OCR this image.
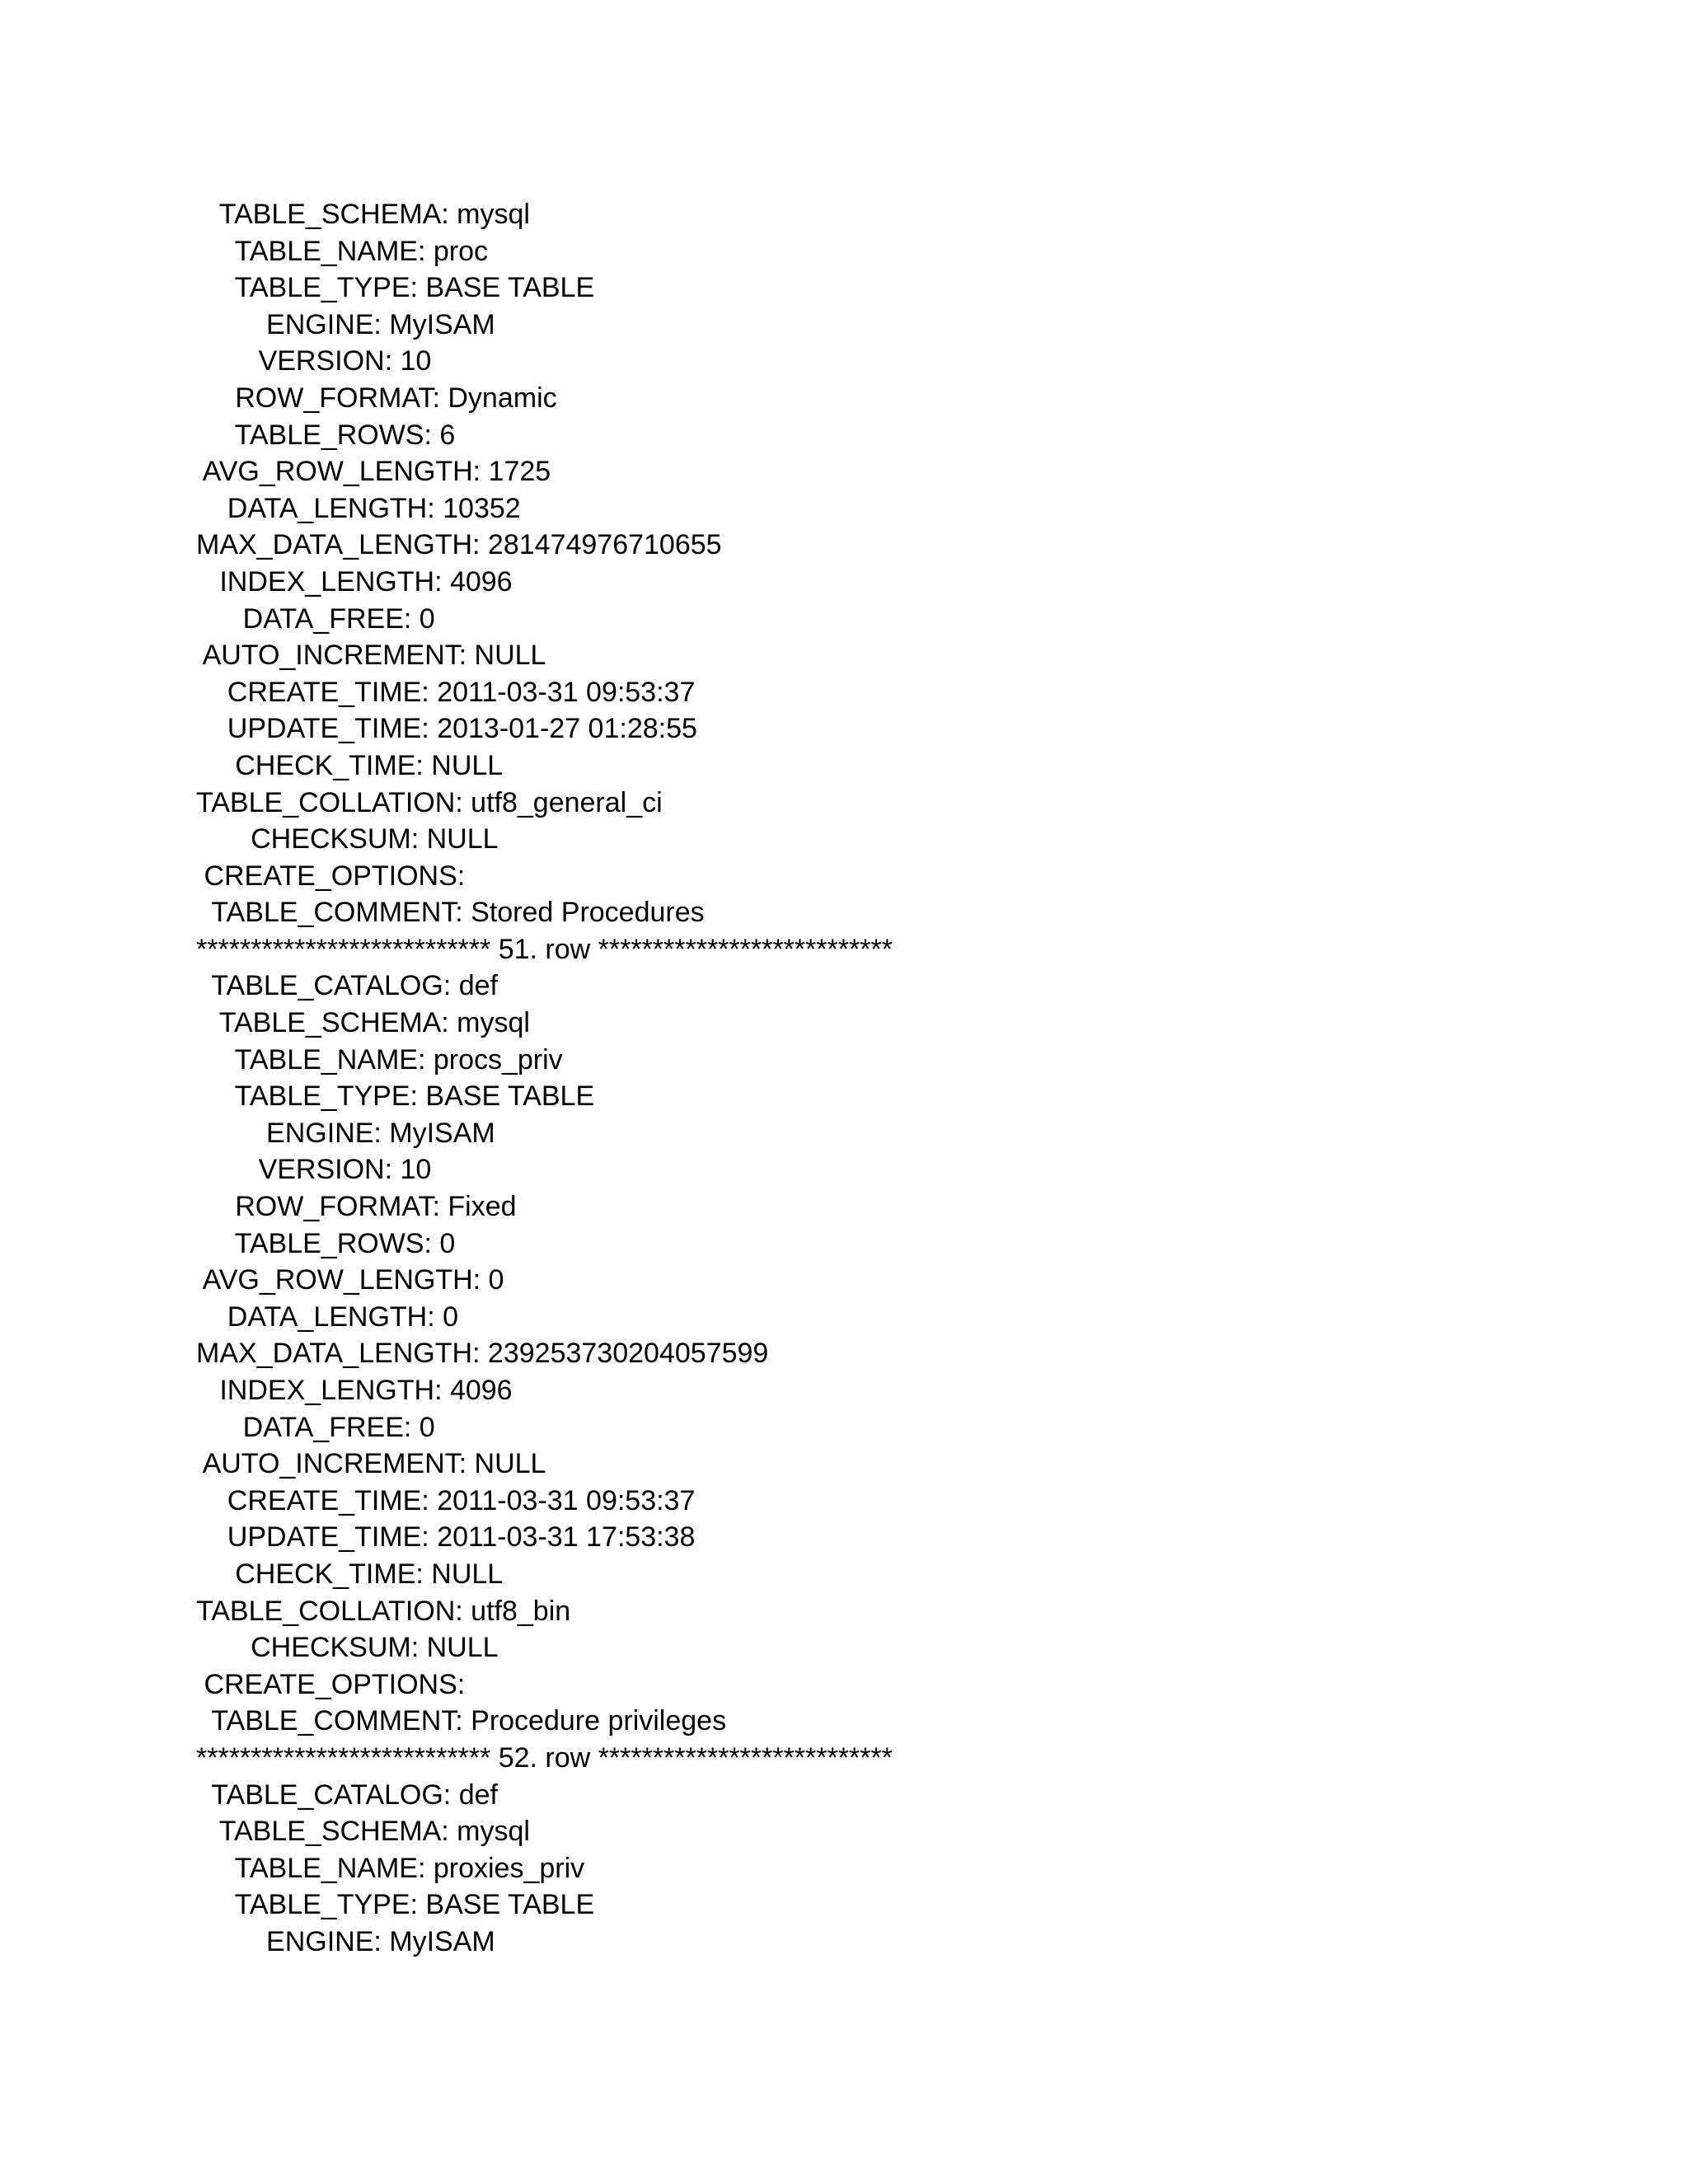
TABLE_SCHEMA: mysql
TABLE_NAME: proc
TABLE_TYPE: BASE TABLE
ENGINE: MyISAM
VERSION: 10
ROW_FORMAT: Dynamic
TABLE_ROWS: 6
AVG_ROW_LENGTH: 1725
DATA_LENGTH: 10352
MAX_DATA_LENGTH: 281474976710655
INDEX_LENGTH: 4096
DATA_FREE: 0
AUTO_INCREMENT: NULL
CREATE_TIME: 2011-03-31 09:53:37
UPDATE_TIME: 2013-01-27 01:28:55
CHECK_TIME: NULL
TABLE_COLLATION: utf8_general_ci
CHECKSUM: NULL
CREATE_OPTIONS:
TABLE_COMMENT: Stored Procedures
*************************** 51. row ***************************
TABLE_CATALOG: def
TABLE_SCHEMA: mysql
TABLE_NAME: procs_priv
TABLE_TYPE: BASE TABLE
ENGINE: MyISAM
VERSION: 10
ROW_FORMAT: Fixed
TABLE_ROWS: 0
AVG_ROW_LENGTH: 0
DATA_LENGTH: 0
MAX_DATA_LENGTH: 239253730204057599
INDEX_LENGTH: 4096
DATA_FREE: 0
AUTO_INCREMENT: NULL
CREATE_TIME: 2011-03-31 09:53:37
UPDATE_TIME: 2011-03-31 17:53:38
CHECK_TIME: NULL
TABLE_COLLATION: utf8_bin
CHECKSUM: NULL
CREATE_OPTIONS:
TABLE_COMMENT: Procedure privileges
*************************** 52. row ***************************
TABLE_CATALOG: def
TABLE_SCHEMA: mysql
TABLE_NAME: proxies_priv
TABLE_TYPE: BASE TABLE
ENGINE: MyISAM
